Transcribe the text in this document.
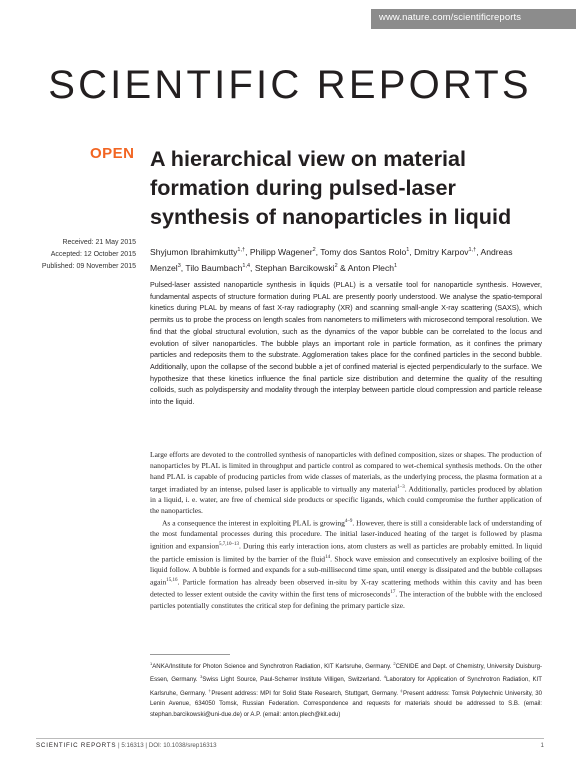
www.nature.com/scientificreports
SCIENTIFIC REPORTS
OPEN A hierarchical view on material formation during pulsed-laser synthesis of nanoparticles in liquid
Received: 21 May 2015
Accepted: 12 October 2015
Published: 09 November 2015
Shyjumon Ibrahimkutty$^{1,\dagger}$, Philipp Wagener$^2$, Tomy dos Santos Rolo$^1$, Dmitry Karpov$^{1,\dagger}$, Andreas Menzel$^3$, Tilo Baumbach$^{1,4}$, Stephan Barcikowski$^2$ & Anton Plech$^1$
Pulsed-laser assisted nanoparticle synthesis in liquids (PLAL) is a versatile tool for nanoparticle synthesis. However, fundamental aspects of structure formation during PLAL are presently poorly understood. We analyse the spatio-temporal kinetics during PLAL by means of fast X-ray radiography (XR) and scanning small-angle X-ray scattering (SAXS), which permits us to probe the process on length scales from nanometers to millimeters with microsecond temporal resolution. We find that the global structural evolution, such as the dynamics of the vapor bubble can be correlated to the locus and evolution of silver nanoparticles. The bubble plays an important role in particle formation, as it confines the primary particles and redeposits them to the substrate. Agglomeration takes place for the confined particles in the second bubble. Additionally, upon the collapse of the second bubble a jet of confined material is ejected perpendicularly to the surface. We hypothesize that these kinetics influence the final particle size distribution and determine the quality of the resulting colloids, such as polydispersity and modality through the interplay between particle cloud compression and particle release into the liquid.

Large efforts are devoted to the controlled synthesis of nanoparticles with defined composition, sizes or shapes. The production of nanoparticles by PLAL is limited in throughput and particle control as compared to wet-chemical synthesis methods. On the other hand PLAL is capable of producing particles from wide classes of materials, as the underlying process, the plasma formation at a target irradiated by an intense, pulsed laser is applicable to virtually any material$^{1-3}$. Additionally, particles produced by ablation in a liquid, i. e. water, are free of chemical side products or specific ligands, which could compromise the further application of the nanoparticles.

As a consequence the interest in exploiting PLAL is growing$^{4-9}$. However, there is still a considerable lack of understanding of the most fundamental processes during this procedure. The initial laser-induced heating of the target is followed by plasma ignition and expansion$^{5,7,10-13}$. During this early interaction ions, atom clusters as well as particles are probably emitted. In liquid the particle emission is limited by the barrier of the fluid$^{14}$. Shock wave emission and consecutively an explosive boiling of the liquid follow. A bubble is formed and expands for a sub-millisecond time span, until energy is dissipated and the bubble collapses again$^{15,16}$. Particle formation has already been observed in-situ by X-ray scattering methods within this cavity and has been detected to lesser extent outside the cavity within the first tens of microseconds$^{17}$. The interaction of the bubble with the enclosed particles potentially constitutes the critical step for defining the primary particle size.

$^1$ANKA/Institute for Photon Science and Synchrotron Radiation, KIT Karlsruhe, Germany. $^2$CENIDE and Dept. of Chemistry, University Duisburg-Essen, Germany. $^3$Swiss Light Source, Paul-Scherrer Institute Villigen, Switzerland. $^4$Laboratory for Application of Synchrotron Radiation, KIT Karlsruhe, Germany. †Present address: MPI for Solid State Research, Stuttgart, Germany. ‡Present address: Tomsk Polytechnic University, 30 Lenin Avenue, 634050 Tomsk, Russian Federation. Correspondence and requests for materials should be addressed to S.B. (email: stephan.barcikowski@uni-due.de) or A.P. (email: anton.plech@kit.edu)
SCIENTIFIC REPORTS | 5:16313 | DOI: 10.1038/srep16313	1
